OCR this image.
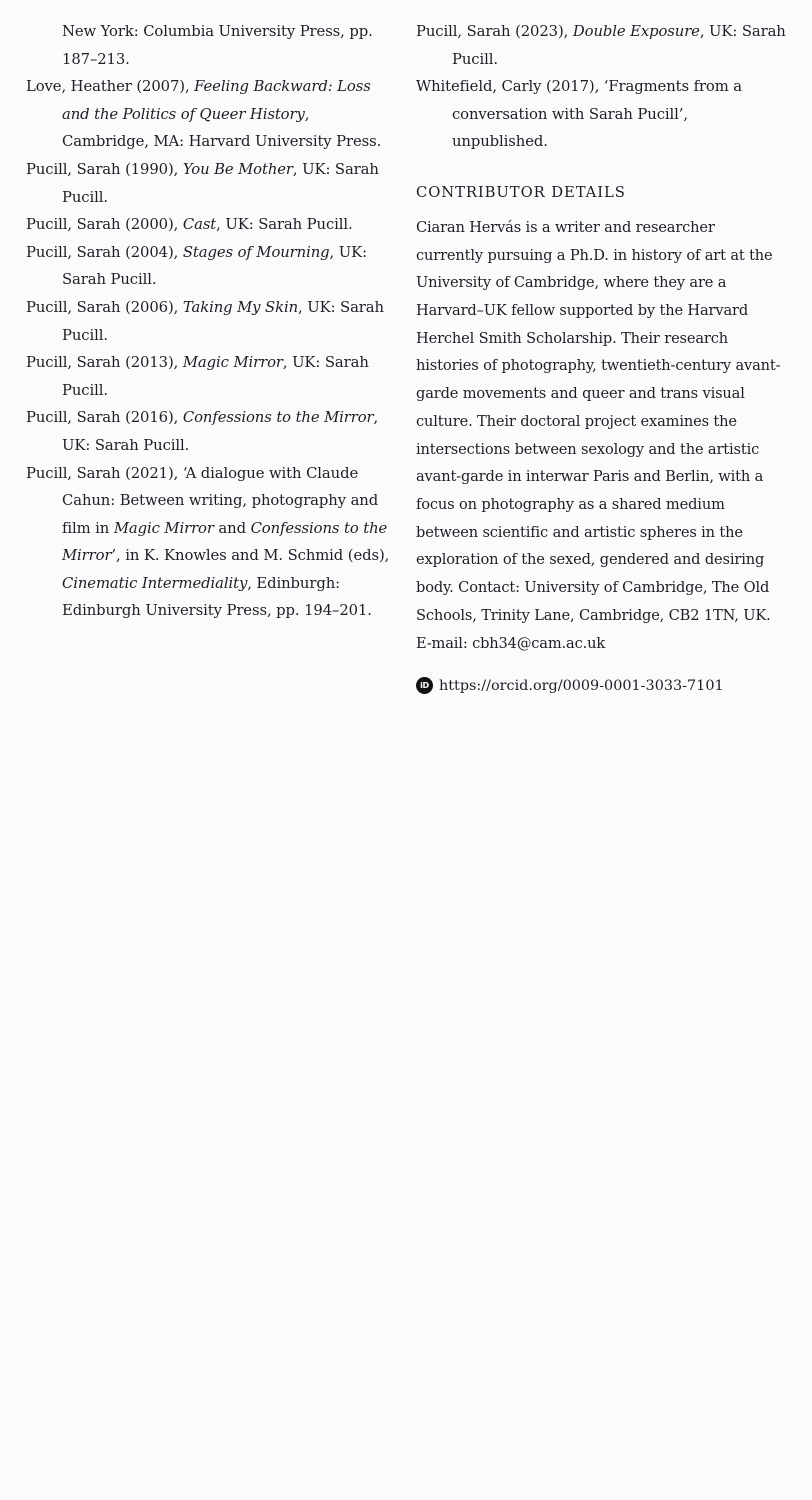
New York: Columbia University Press, pp. 187–213.

Love, Heather (2007), Feeling Backward: Loss and the Politics of Queer History, Cambridge, MA: Harvard University Press.

Pucill, Sarah (1990), You Be Mother, UK: Sarah Pucill.

Pucill, Sarah (2000), Cast, UK: Sarah Pucill.

Pucill, Sarah (2004), Stages of Mourning, UK: Sarah Pucill.

Pucill, Sarah (2006), Taking My Skin, UK: Sarah Pucill.

Pucill, Sarah (2013), Magic Mirror, UK: Sarah Pucill.

Pucill, Sarah (2016), Confessions to the Mirror, UK: Sarah Pucill.

Pucill, Sarah (2021), ‘A dialogue with Claude Cahun: Between writing, photography and film in Magic Mirror and Confessions to the Mirror’, in K. Knowles and M. Schmid (eds), Cinematic Intermediality, Edinburgh: Edinburgh University Press, pp. 194–201.

Pucill, Sarah (2023), Double Exposure, UK: Sarah Pucill.

Whitefield, Carly (2017), ‘Fragments from a conversation with Sarah Pucill’, unpublished.

CONTRIBUTOR DETAILS

Ciaran Hervás is a writer and researcher currently pursuing a Ph.D. in history of art at the University of Cambridge, where they are a Harvard–UK fellow supported by the Harvard Herchel Smith Scholarship. Their research histories of photography, twentieth-century avant-garde movements and queer and trans visual culture. Their doctoral project examines the intersections between sexology and the artistic avant-garde in interwar Paris and Berlin, with a focus on photography as a shared medium between scientific and artistic spheres in the exploration of the sexed, gendered and desiring body. Contact: University of Cambridge, The Old Schools, Trinity Lane, Cambridge, CB2 1TN, UK.
E-mail: cbh34@cam.ac.uk

iD https://orcid.org/0009-0001-3033-7101
